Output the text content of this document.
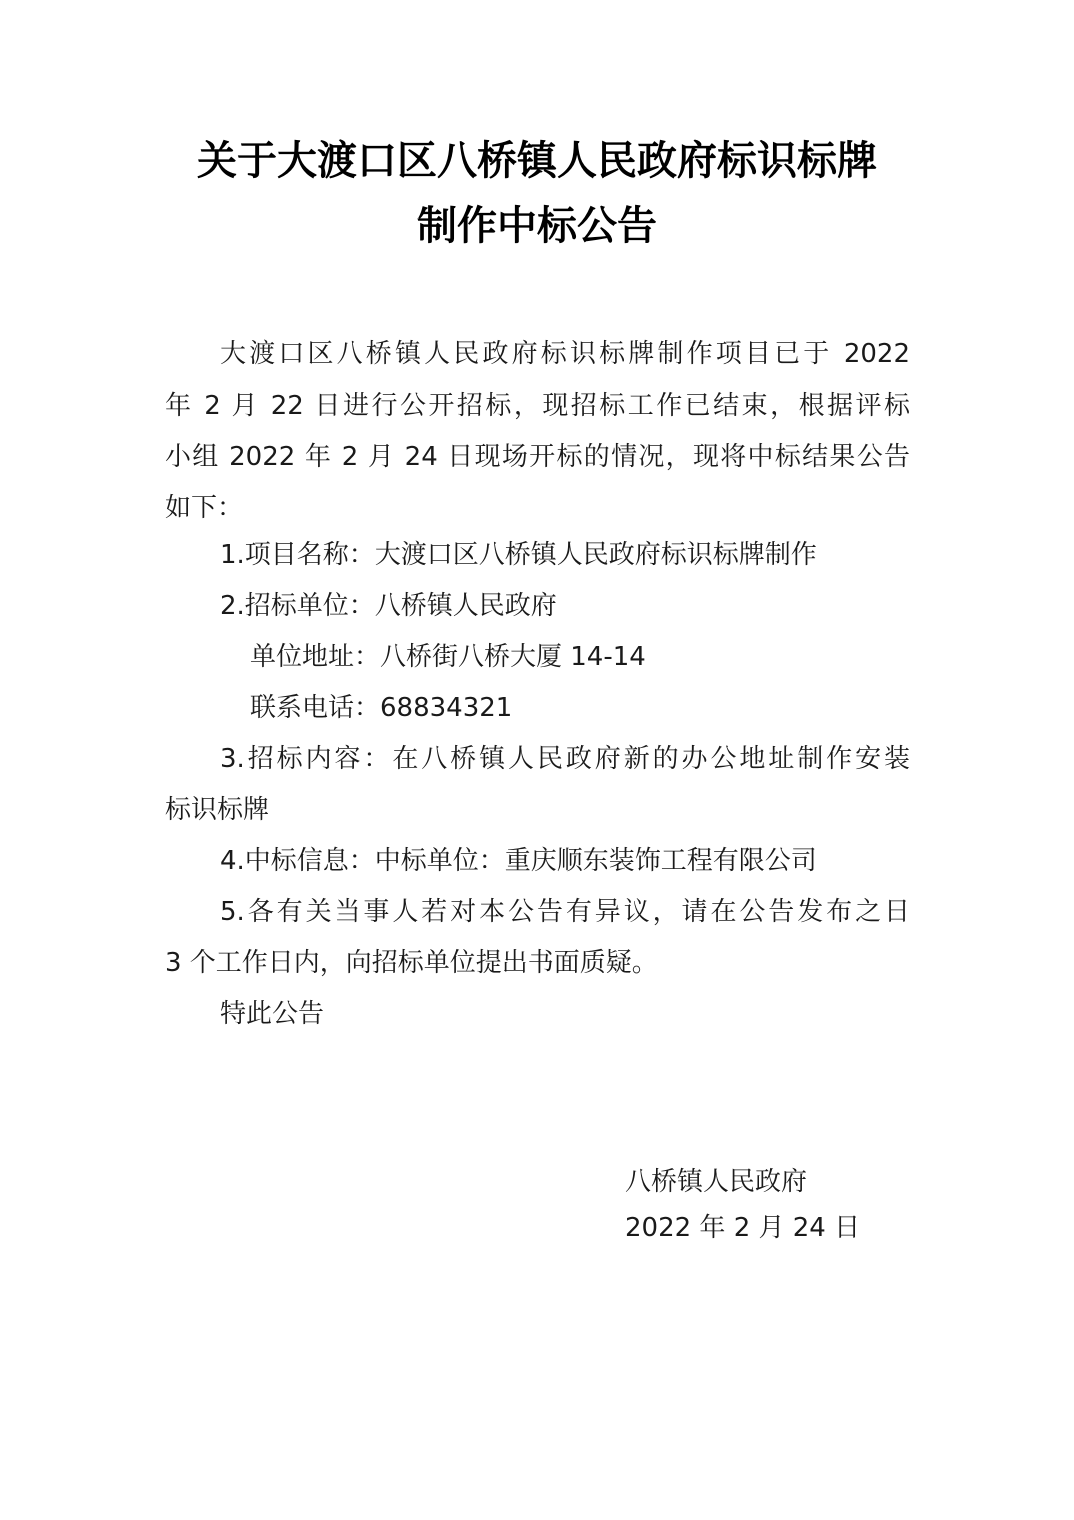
关于大渡口区八桥镇人民政府标识标牌
制作中标公告
大渡口区八桥镇人民政府标识标牌制作项目已于 2022
年 2 月 22 日进行公开招标，现招标工作已结束，根据评标
小组 2022 年 2 月 24 日现场开标的情况，现将中标结果公告
如下：
1.项目名称：大渡口区八桥镇人民政府标识标牌制作
2.招标单位：八桥镇人民政府
单位地址：八桥街八桥大厦 14-14
联系电话：68834321
3.招标内容：在八桥镇人民政府新的办公地址制作安装
标识标牌
4.中标信息：中标单位：重庆顺东装饰工程有限公司
5.各有关当事人若对本公告有异议，请在公告发布之日
3 个工作日内，向招标单位提出书面质疑。
特此公告
八桥镇人民政府
2022 年 2 月 24 日
